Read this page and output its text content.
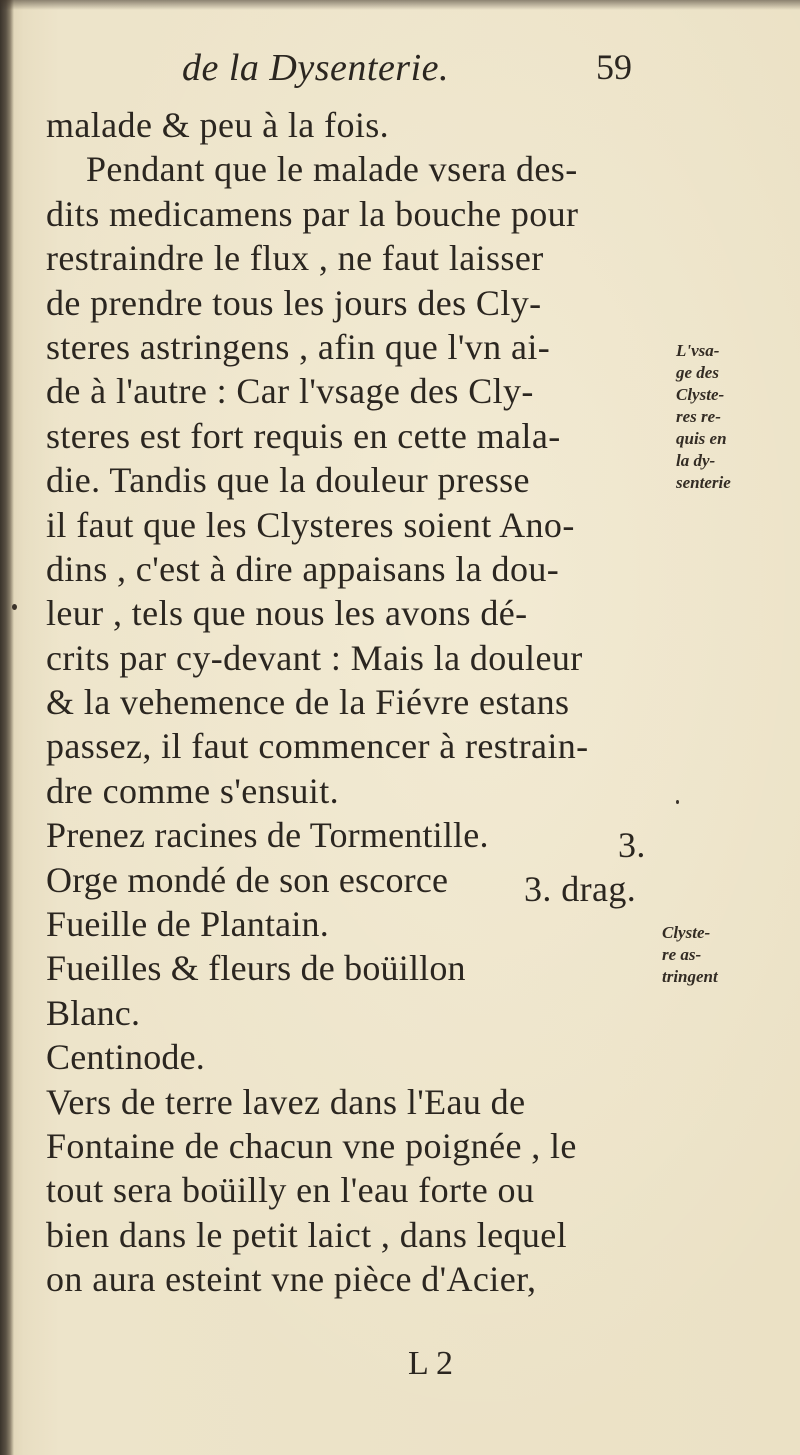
de la Dysenterie.	59
malade & peu à la fois.
Pendant que le malade vsera des-
dits medicamens par la bouche pour
restraindre le flux , ne faut laisser
de prendre tous les jours des Cly-
steres astringens , afin que l'vn ai-
de à l'autre : Car l'vsage des Cly-
steres est fort requis en cette mala-
die. Tandis que la douleur presse
il faut que les Clysteres soient Ano-
dins , c'est à dire appaisans la dou-
leur , tels que nous les avons dé-
crits par cy-devant : Mais la douleur
& la vehemence de la Fiévre estans
passez, il faut commencer à restrain-
dre comme s'ensuit.
Prenez racines de Tormentille.
Orge mondé de son escorce
Fueille de Plantain.
Fueilles & fleurs de boüillon
Blanc.
Centinode.
Vers de terre lavez dans l'Eau de
Fontaine de chacun vne poignée , le
tout sera boüilly en l'eau forte ou
bien dans le petit laict , dans lequel
on aura esteint vne pièce d'Acier,
3.
3. drag.
L'vsa-
ge des
Clyste-
res re-
quis en
la dy-
senterie
Clyste-
re as-
tringent
L 2
